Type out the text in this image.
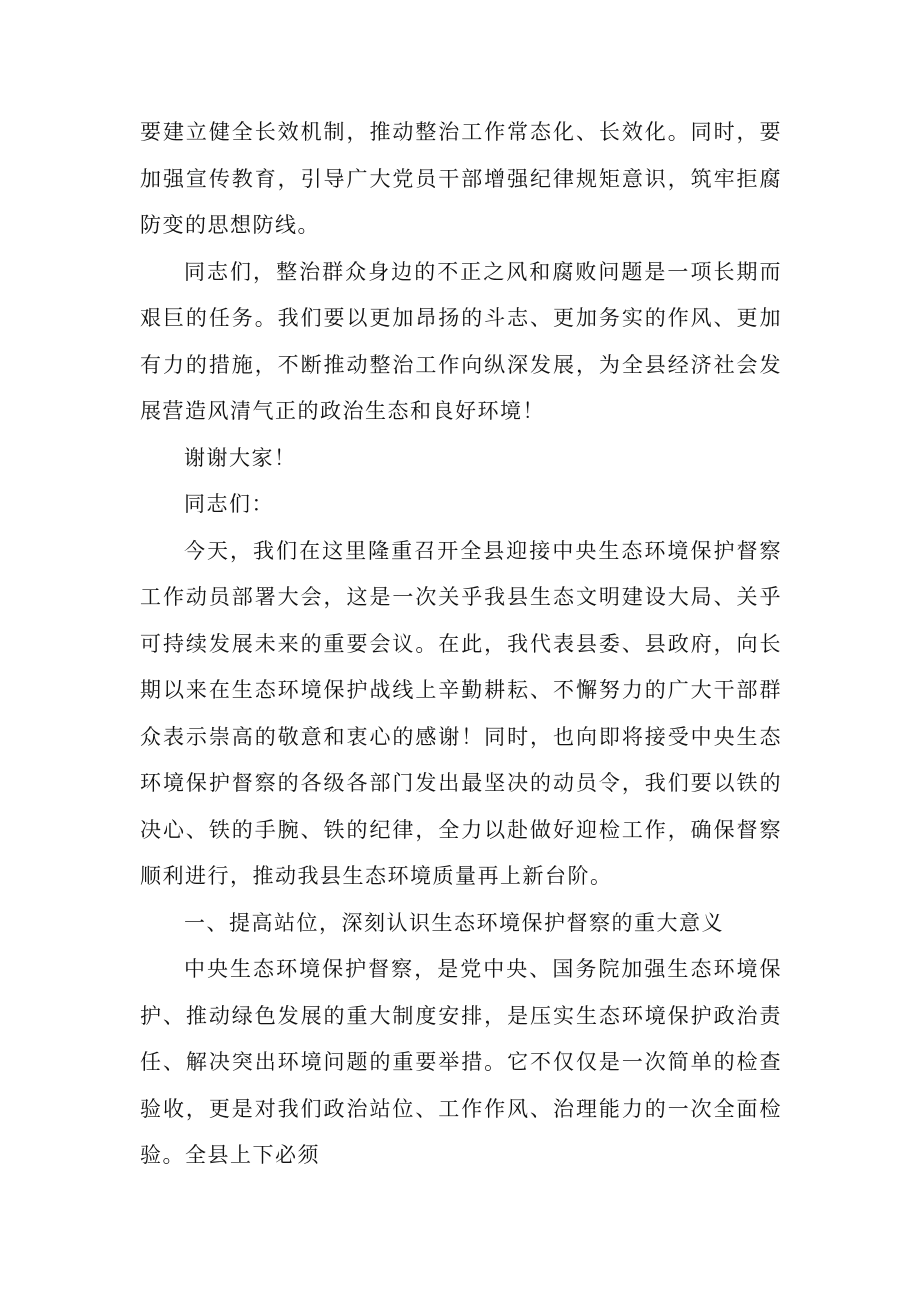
要建立健全长效机制，推动整治工作常态化、长效化。同时，要加强宣传教育，引导广大党员干部增强纪律规矩意识，筑牢拒腐防变的思想防线。

同志们，整治群众身边的不正之风和腐败问题是一项长期而艰巨的任务。我们要以更加昂扬的斗志、更加务实的作风、更加有力的措施，不断推动整治工作向纵深发展，为全县经济社会发展营造风清气正的政治生态和良好环境！

谢谢大家！

同志们：

今天，我们在这里隆重召开全县迎接中央生态环境保护督察工作动员部署大会，这是一次关乎我县生态文明建设大局、关乎可持续发展未来的重要会议。在此，我代表县委、县政府，向长期以来在生态环境保护战线上辛勤耕耘、不懈努力的广大干部群众表示崇高的敬意和衷心的感谢！同时，也向即将接受中央生态环境保护督察的各级各部门发出最坚决的动员令，我们要以铁的决心、铁的手腕、铁的纪律，全力以赴做好迎检工作，确保督察顺利进行，推动我县生态环境质量再上新台阶。

一、提高站位，深刻认识生态环境保护督察的重大意义

中央生态环境保护督察，是党中央、国务院加强生态环境保护、推动绿色发展的重大制度安排，是压实生态环境保护政治责任、解决突出环境问题的重要举措。它不仅仅是一次简单的检查验收，更是对我们政治站位、工作作风、治理能力的一次全面检验。全县上下必须
